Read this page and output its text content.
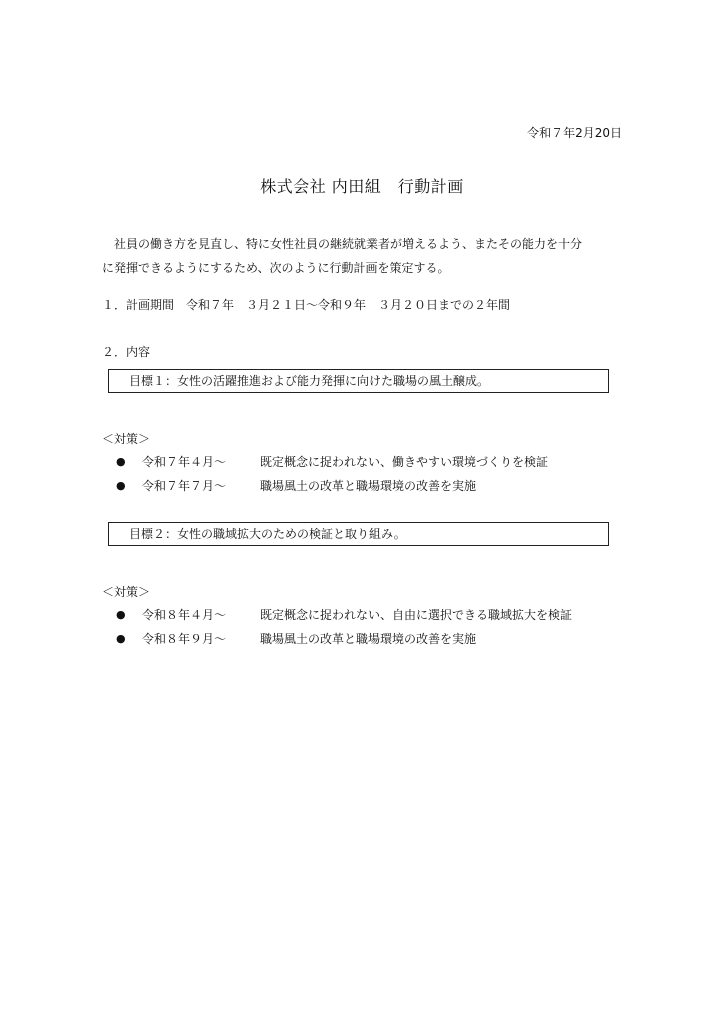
令和７年2月20日
株式会社 内田組　行動計画

社員の働き方を見直し、特に女性社員の継続就業者が増えるよう、またその能力を十分

に発揮できるようにするため、次のように行動計画を策定する。

１．計画期間　令和７年　３月２１日～令和９年　３月２０日までの２年間
２．内容
目標１：女性の活躍推進および能力発揮に向けた職場の風土醸成。
＜対策＞
●	令和７年４月～	既定概念に捉われない、働きやすい環境づくりを検証
●	令和７年７月～	職場風土の改革と職場環境の改善を実施
目標２：女性の職域拡大のための検証と取り組み。
＜対策＞
●	令和８年４月～	既定概念に捉われない、自由に選択できる職域拡大を検証
●	令和８年９月～	職場風土の改革と職場環境の改善を実施
